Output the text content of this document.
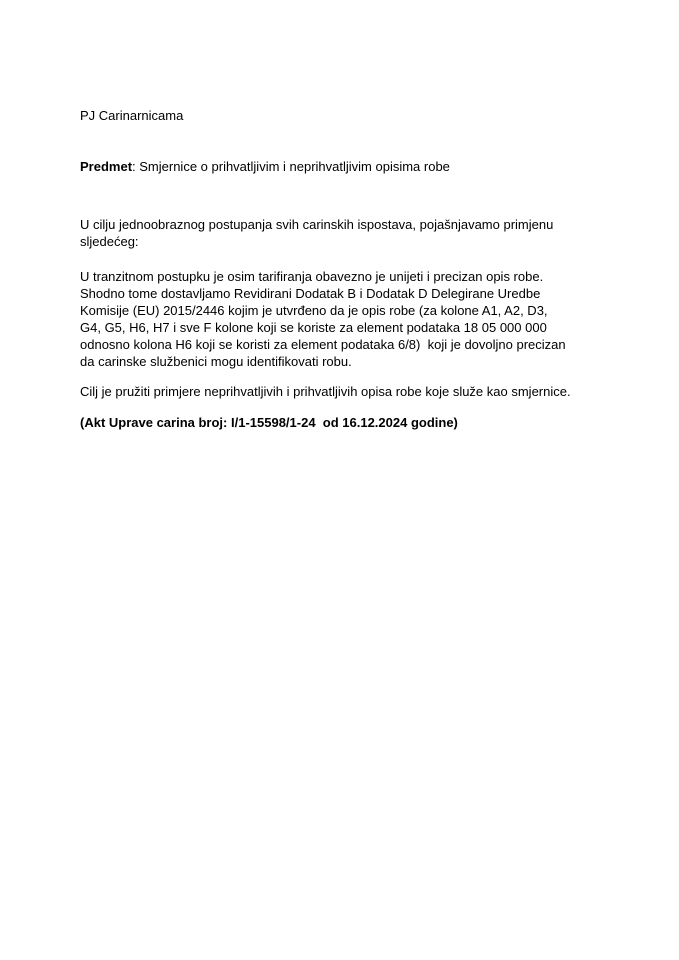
PJ Carinarnicama

Predmet: Smjernice o prihvatljivim i neprihvatljivim opisima robe

U cilju jednoobraznog postupanja svih carinskih ispostava, pojašnjavamo primjenu
sljedećeg:
U tranzitnom postupku je osim tarifiranja obavezno je unijeti i precizan opis robe.
Shodno tome dostavljamo Revidirani Dodatak B i Dodatak D Delegirane Uredbe
Komisije (EU) 2015/2446 kojim je utvrđeno da je opis robe (za kolone A1, A2, D3,
G4, G5, H6, H7 i sve F kolone koji se koriste za element podataka 18 05 000 000
odnosno kolona H6 koji se koristi za element podataka 6/8)  koji je dovoljno precizan
da carinske službenici mogu identifikovati robu.

Cilj je pružiti primjere neprihvatljivih i prihvatljivih opisa robe koje služe kao smjernice.

(Akt Uprave carina broj: I/1-15598/1-24  od 16.12.2024 godine)
